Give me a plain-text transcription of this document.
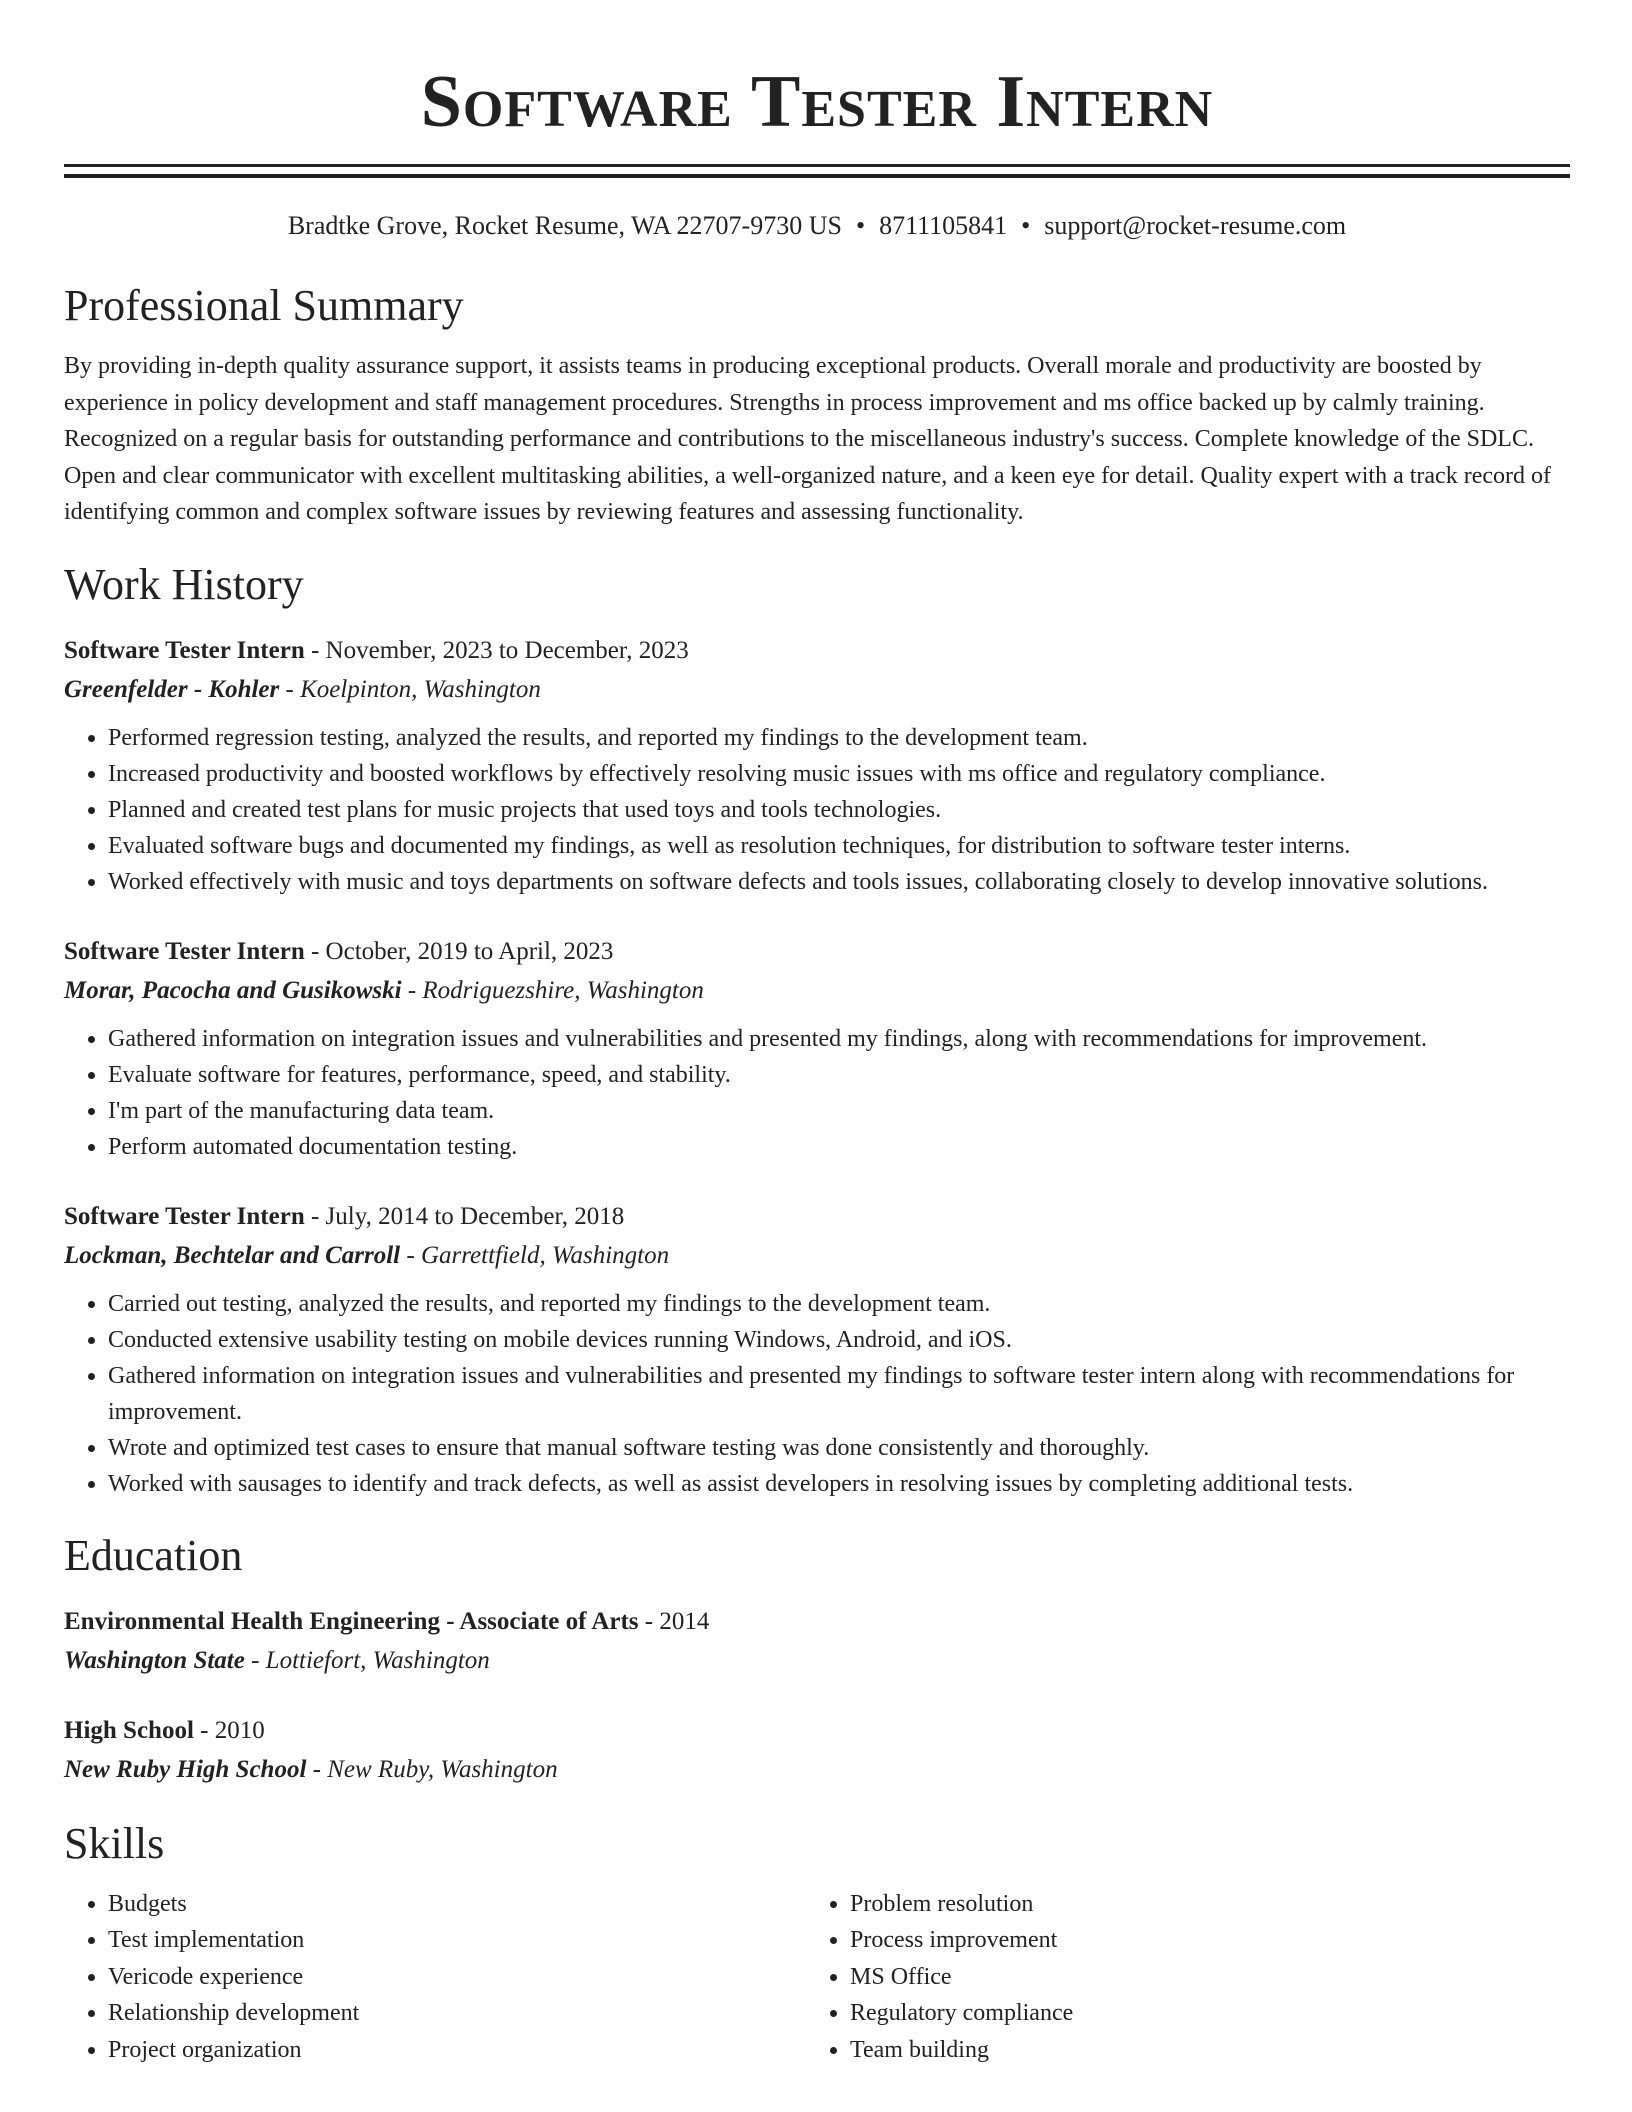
Software Tester Intern
Bradtke Grove, Rocket Resume, WA 22707-9730 US • 8711105841 • support@rocket-resume.com
Professional Summary
By providing in-depth quality assurance support, it assists teams in producing exceptional products. Overall morale and productivity are boosted by experience in policy development and staff management procedures. Strengths in process improvement and ms office backed up by calmly training. Recognized on a regular basis for outstanding performance and contributions to the miscellaneous industry's success. Complete knowledge of the SDLC. Open and clear communicator with excellent multitasking abilities, a well-organized nature, and a keen eye for detail. Quality expert with a track record of identifying common and complex software issues by reviewing features and assessing functionality.
Work History
Software Tester Intern - November, 2023 to December, 2023
Greenfelder - Kohler - Koelpinton, Washington
• Performed regression testing, analyzed the results, and reported my findings to the development team.
• Increased productivity and boosted workflows by effectively resolving music issues with ms office and regulatory compliance.
• Planned and created test plans for music projects that used toys and tools technologies.
• Evaluated software bugs and documented my findings, as well as resolution techniques, for distribution to software tester interns.
• Worked effectively with music and toys departments on software defects and tools issues, collaborating closely to develop innovative solutions.
Software Tester Intern - October, 2019 to April, 2023
Morar, Pacocha and Gusikowski - Rodriguezshire, Washington
• Gathered information on integration issues and vulnerabilities and presented my findings, along with recommendations for improvement.
• Evaluate software for features, performance, speed, and stability.
• I'm part of the manufacturing data team.
• Perform automated documentation testing.
Software Tester Intern - July, 2014 to December, 2018
Lockman, Bechtelar and Carroll - Garrettfield, Washington
• Carried out testing, analyzed the results, and reported my findings to the development team.
• Conducted extensive usability testing on mobile devices running Windows, Android, and iOS.
• Gathered information on integration issues and vulnerabilities and presented my findings to software tester intern along with recommendations for improvement.
• Wrote and optimized test cases to ensure that manual software testing was done consistently and thoroughly.
• Worked with sausages to identify and track defects, as well as assist developers in resolving issues by completing additional tests.
Education
Environmental Health Engineering - Associate of Arts - 2014
Washington State - Lottiefort, Washington
High School - 2010
New Ruby High School - New Ruby, Washington
Skills
• Budgets
• Test implementation
• Vericode experience
• Relationship development
• Project organization
• Problem resolution
• Process improvement
• MS Office
• Regulatory compliance
• Team building
